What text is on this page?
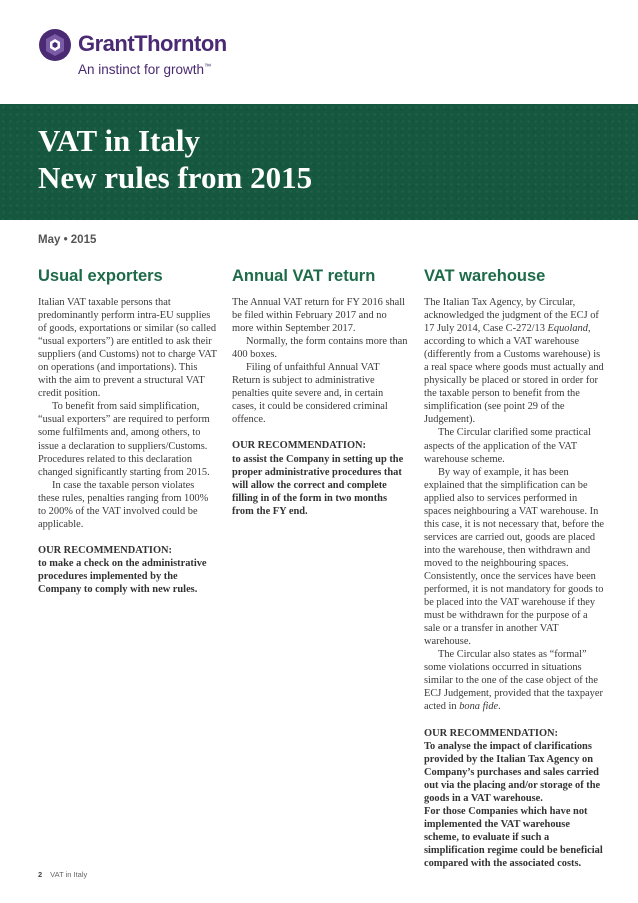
GrantThornton
An instinct for growth™
VAT in Italy
New rules from 2015
May • 2015
Usual exporters

Italian VAT taxable persons that predominantly perform intra-EU supplies of goods, exportations or similar (so called “usual exporters”) are entitled to ask their suppliers (and Customs) not to charge VAT on operations (and importations). This with the aim to prevent a structural VAT credit position.

To benefit from said simplification, “usual exporters” are required to perform some fulfilments and, among others, to issue a declaration to suppliers/Customs. Procedures related to this declaration changed significantly starting from 2015.

In case the taxable person violates these rules, penalties ranging from 100% to 200% of the VAT involved could be applicable.

OUR RECOMMENDATION:

to make a check on the administrative procedures implemented by the Company to comply with new rules.

Annual VAT return

The Annual VAT return for FY 2016 shall be filed within February 2017 and no more within September 2017.

Normally, the form contains more than 400 boxes.

Filing of unfaithful Annual VAT Return is subject to administrative penalties quite severe and, in certain cases, it could be considered criminal offence.

OUR RECOMMENDATION:

to assist the Company in setting up the proper administrative procedures that will allow the correct and complete filling in of the form in two months from the FY end.

VAT warehouse

The Italian Tax Agency, by Circular, acknowledged the judgment of the ECJ of 17 July 2014, Case C-272/13 Equoland, according to which a VAT warehouse (differently from a Customs warehouse) is a real space where goods must actually and physically be placed or stored in order for the taxable person to benefit from the simplification (see point 29 of the Judgement).

The Circular clarified some practical aspects of the application of the VAT warehouse scheme.

By way of example, it has been explained that the simplification can be applied also to services performed in spaces neighbouring a VAT warehouse. In this case, it is not necessary that, before the services are carried out, goods are placed into the warehouse, then withdrawn and moved to the neighbouring spaces. Consistently, once the services have been performed, it is not mandatory for goods to be placed into the VAT warehouse if they must be withdrawn for the purpose of a sale or a transfer in another VAT warehouse.

The Circular also states as “formal” some violations occurred in situations similar to the one of the case object of the ECJ Judgement, provided that the taxpayer acted in bona fide.

OUR RECOMMENDATION:

To analyse the impact of clarifications provided by the Italian Tax Agency on Company’s purchases and sales carried out via the placing and/or storage of the goods in a VAT warehouse.

For those Companies which have not implemented the VAT warehouse scheme, to evaluate if such a simplification regime could be beneficial compared with the associated costs.

2 VAT in Italy
